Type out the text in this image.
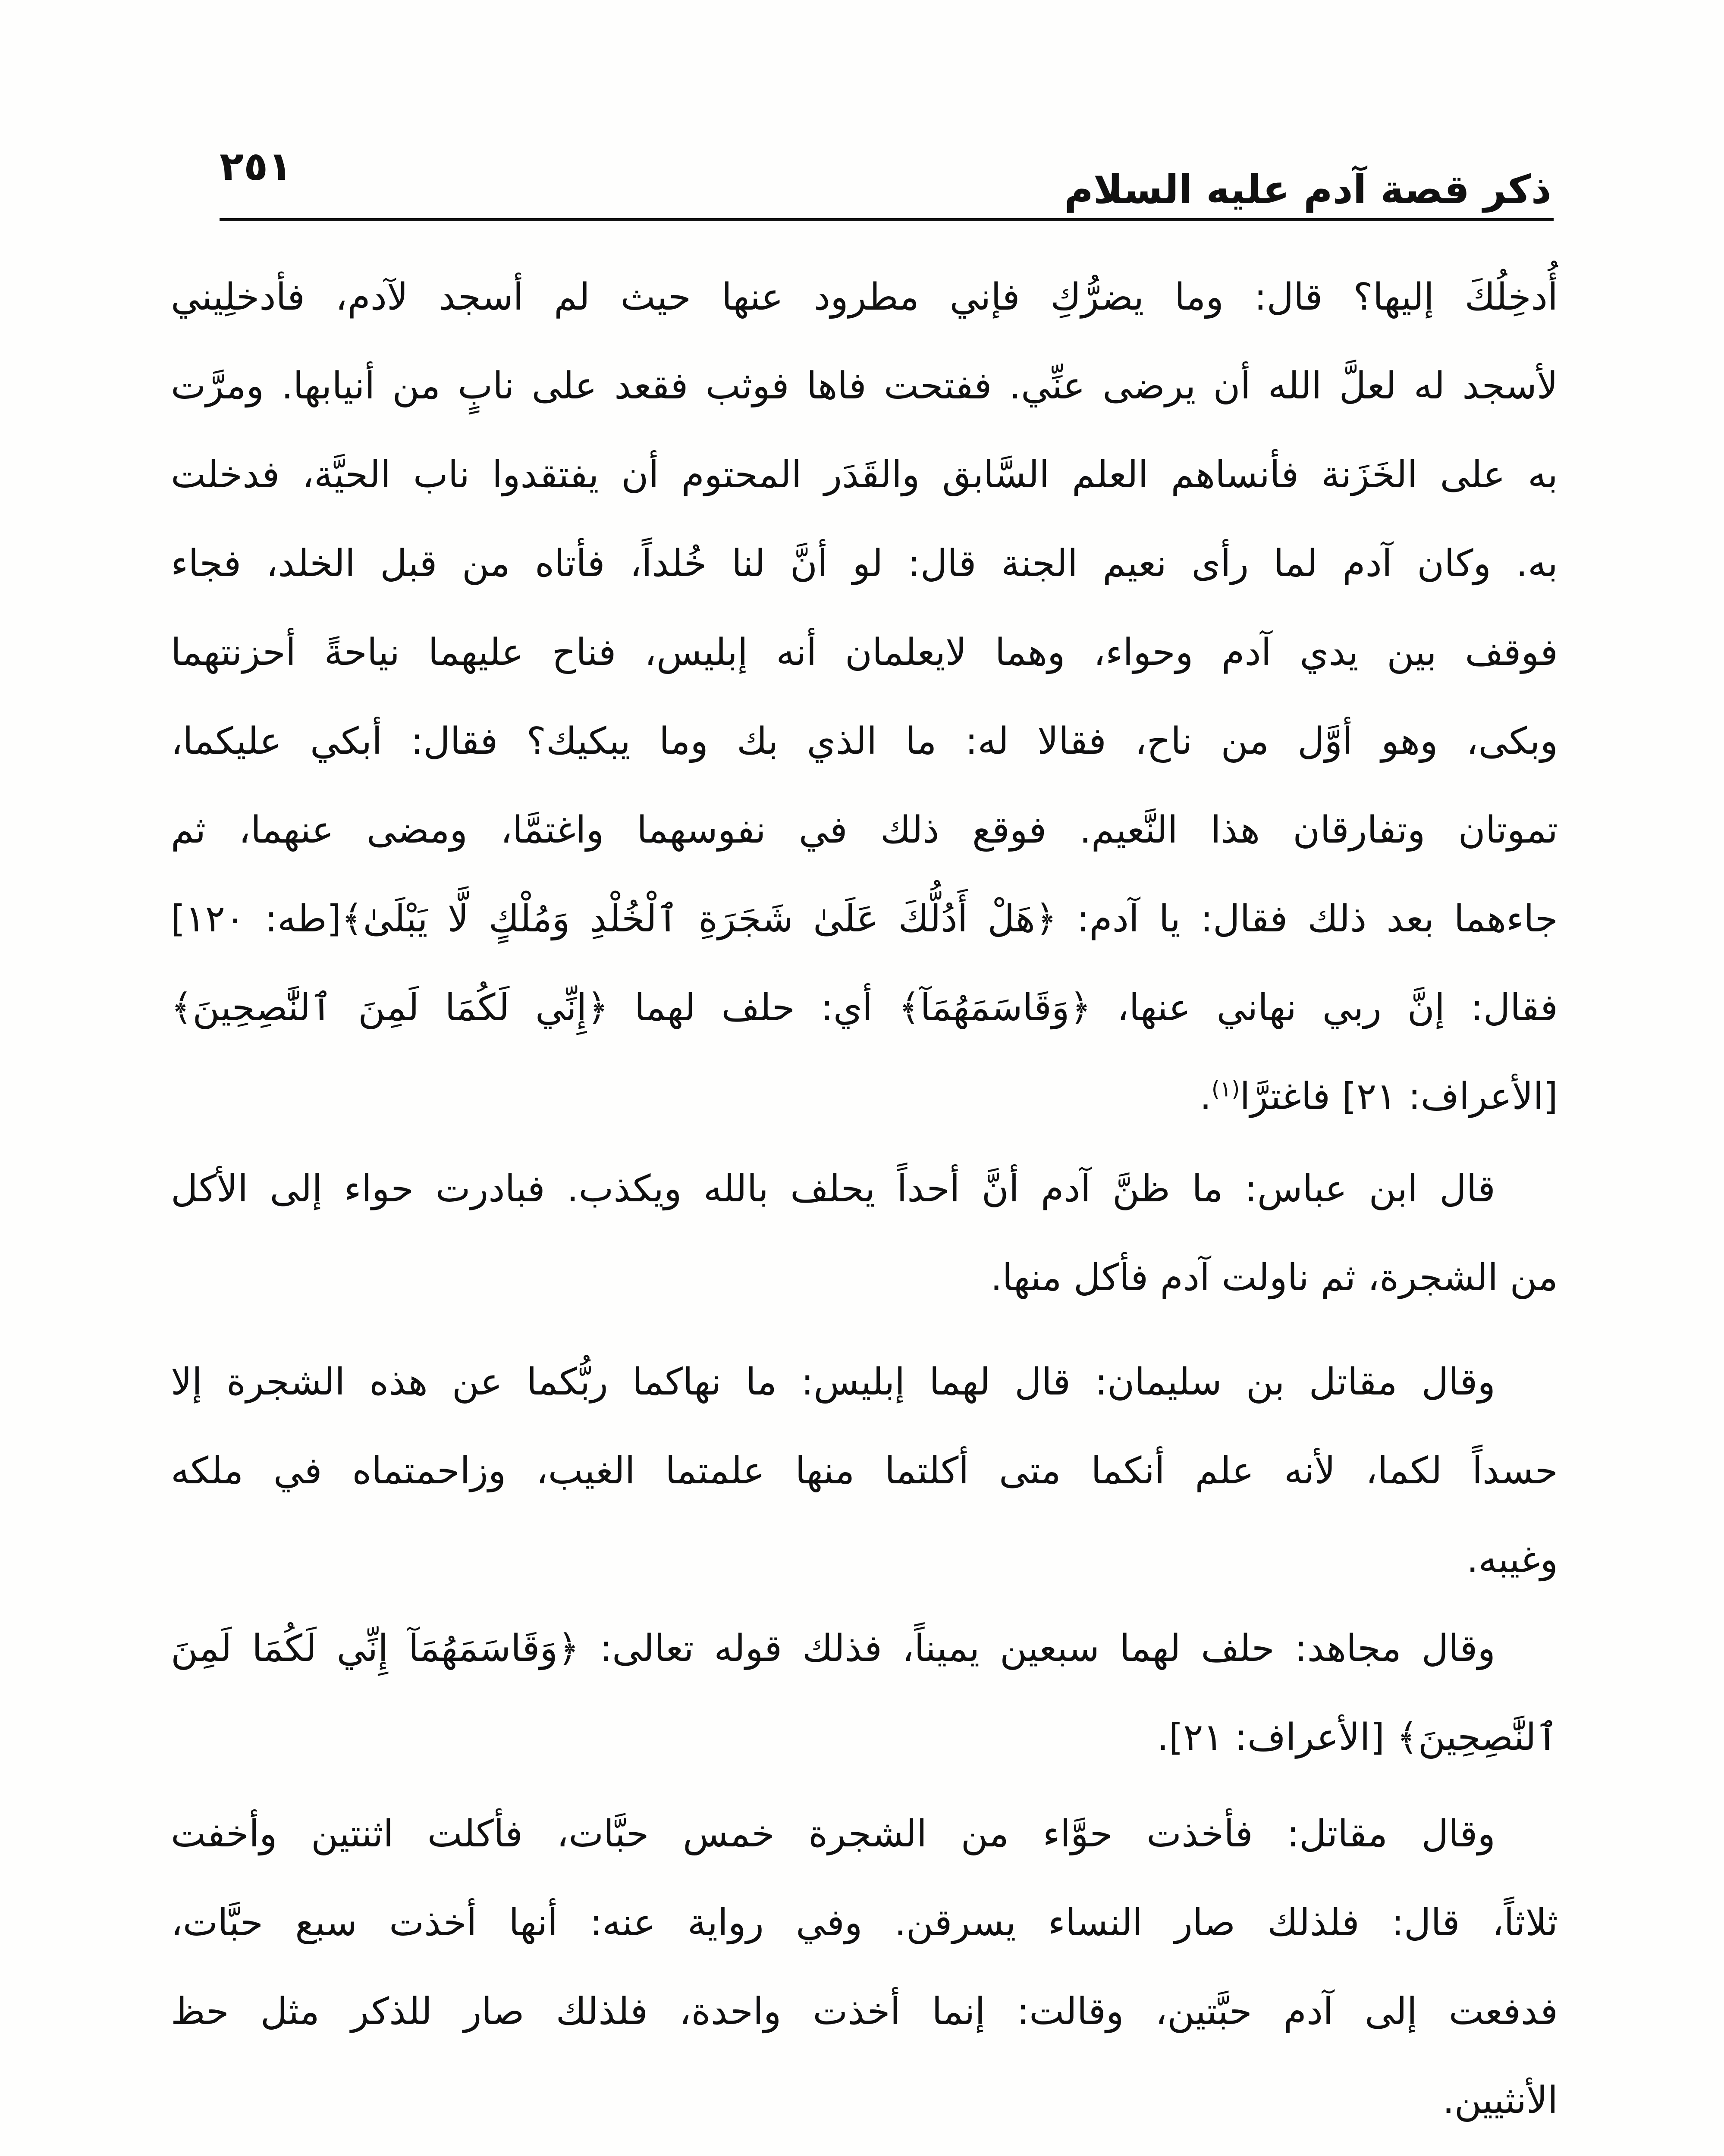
ذكر قصة آدم عليه السلام
٢٥١
أُدخِلُكَ إليها؟ قال: وما يضرُّكِ فإني مطرود عنها حيث لم أسجد لآدم، فأدخلِيني
لأسجد له لعلَّ الله أن يرضى عنِّي. ففتحت فاها فوثب فقعد على نابٍ من أنيابها. ومرَّت
به على الخَزَنة فأنساهم العلم السَّابق والقَدَر المحتوم أن يفتقدوا ناب الحيَّة، فدخلت
به. وكان آدم لما رأى نعيم الجنة قال: لو أنَّ لنا خُلداً، فأتاه من قبل الخلد، فجاء
فوقف بين يدي آدم وحواء، وهما لايعلمان أنه إبليس، فناح عليهما نياحةً أحزنتهما
وبكى، وهو أوَّل من ناح، فقالا له: ما الذي بك وما يبكيك؟ فقال: أبكي عليكما،
تموتان وتفارقان هذا النَّعيم. فوقع ذلك في نفوسهما واغتمَّا، ومضى عنهما، ثم
جاءهما بعد ذلك فقال: يا آدم: ﴿هَلْ أَدُلُّكَ عَلَىٰ شَجَرَةِ ٱلْخُلْدِ وَمُلْكٍ لَّا يَبْلَىٰ﴾[طه: ١٢٠]
فقال: إنَّ ربي نهاني عنها، ﴿وَقَاسَمَهُمَآ﴾ أي: حلف لهما ﴿إِنِّي لَكُمَا لَمِنَ ٱلنَّٰصِحِينَ﴾
[الأعراف: ٢١] فاغترَّا$^{(١)}$.
قال ابن عباس: ما ظنَّ آدم أنَّ أحداً يحلف بالله ويكذب. فبادرت حواء إلى الأكل
من الشجرة، ثم ناولت آدم فأكل منها.
وقال مقاتل بن سليمان: قال لهما إبليس: ما نهاكما ربُّكما عن هذه الشجرة إلا
حسداً لكما، لأنه علم أنكما متى أكلتما منها علمتما الغيب، وزاحمتماه في ملكه
وغيبه.
وقال مجاهد: حلف لهما سبعين يميناً، فذلك قوله تعالى: ﴿وَقَاسَمَهُمَآ إِنِّي لَكُمَا لَمِنَ
ٱلنَّٰصِحِينَ﴾ [الأعراف: ٢١].
وقال مقاتل: فأخذت حوَّاء من الشجرة خمس حبَّات، فأكلت اثنتين وأخفت
ثلاثاً، قال: فلذلك صار النساء يسرقن. وفي رواية عنه: أنها أخذت سبع حبَّات،
فدفعت إلى آدم حبَّتين، وقالت: إنما أخذت واحدة، فلذلك صار للذكر مثل حظ
الأنثيين.
